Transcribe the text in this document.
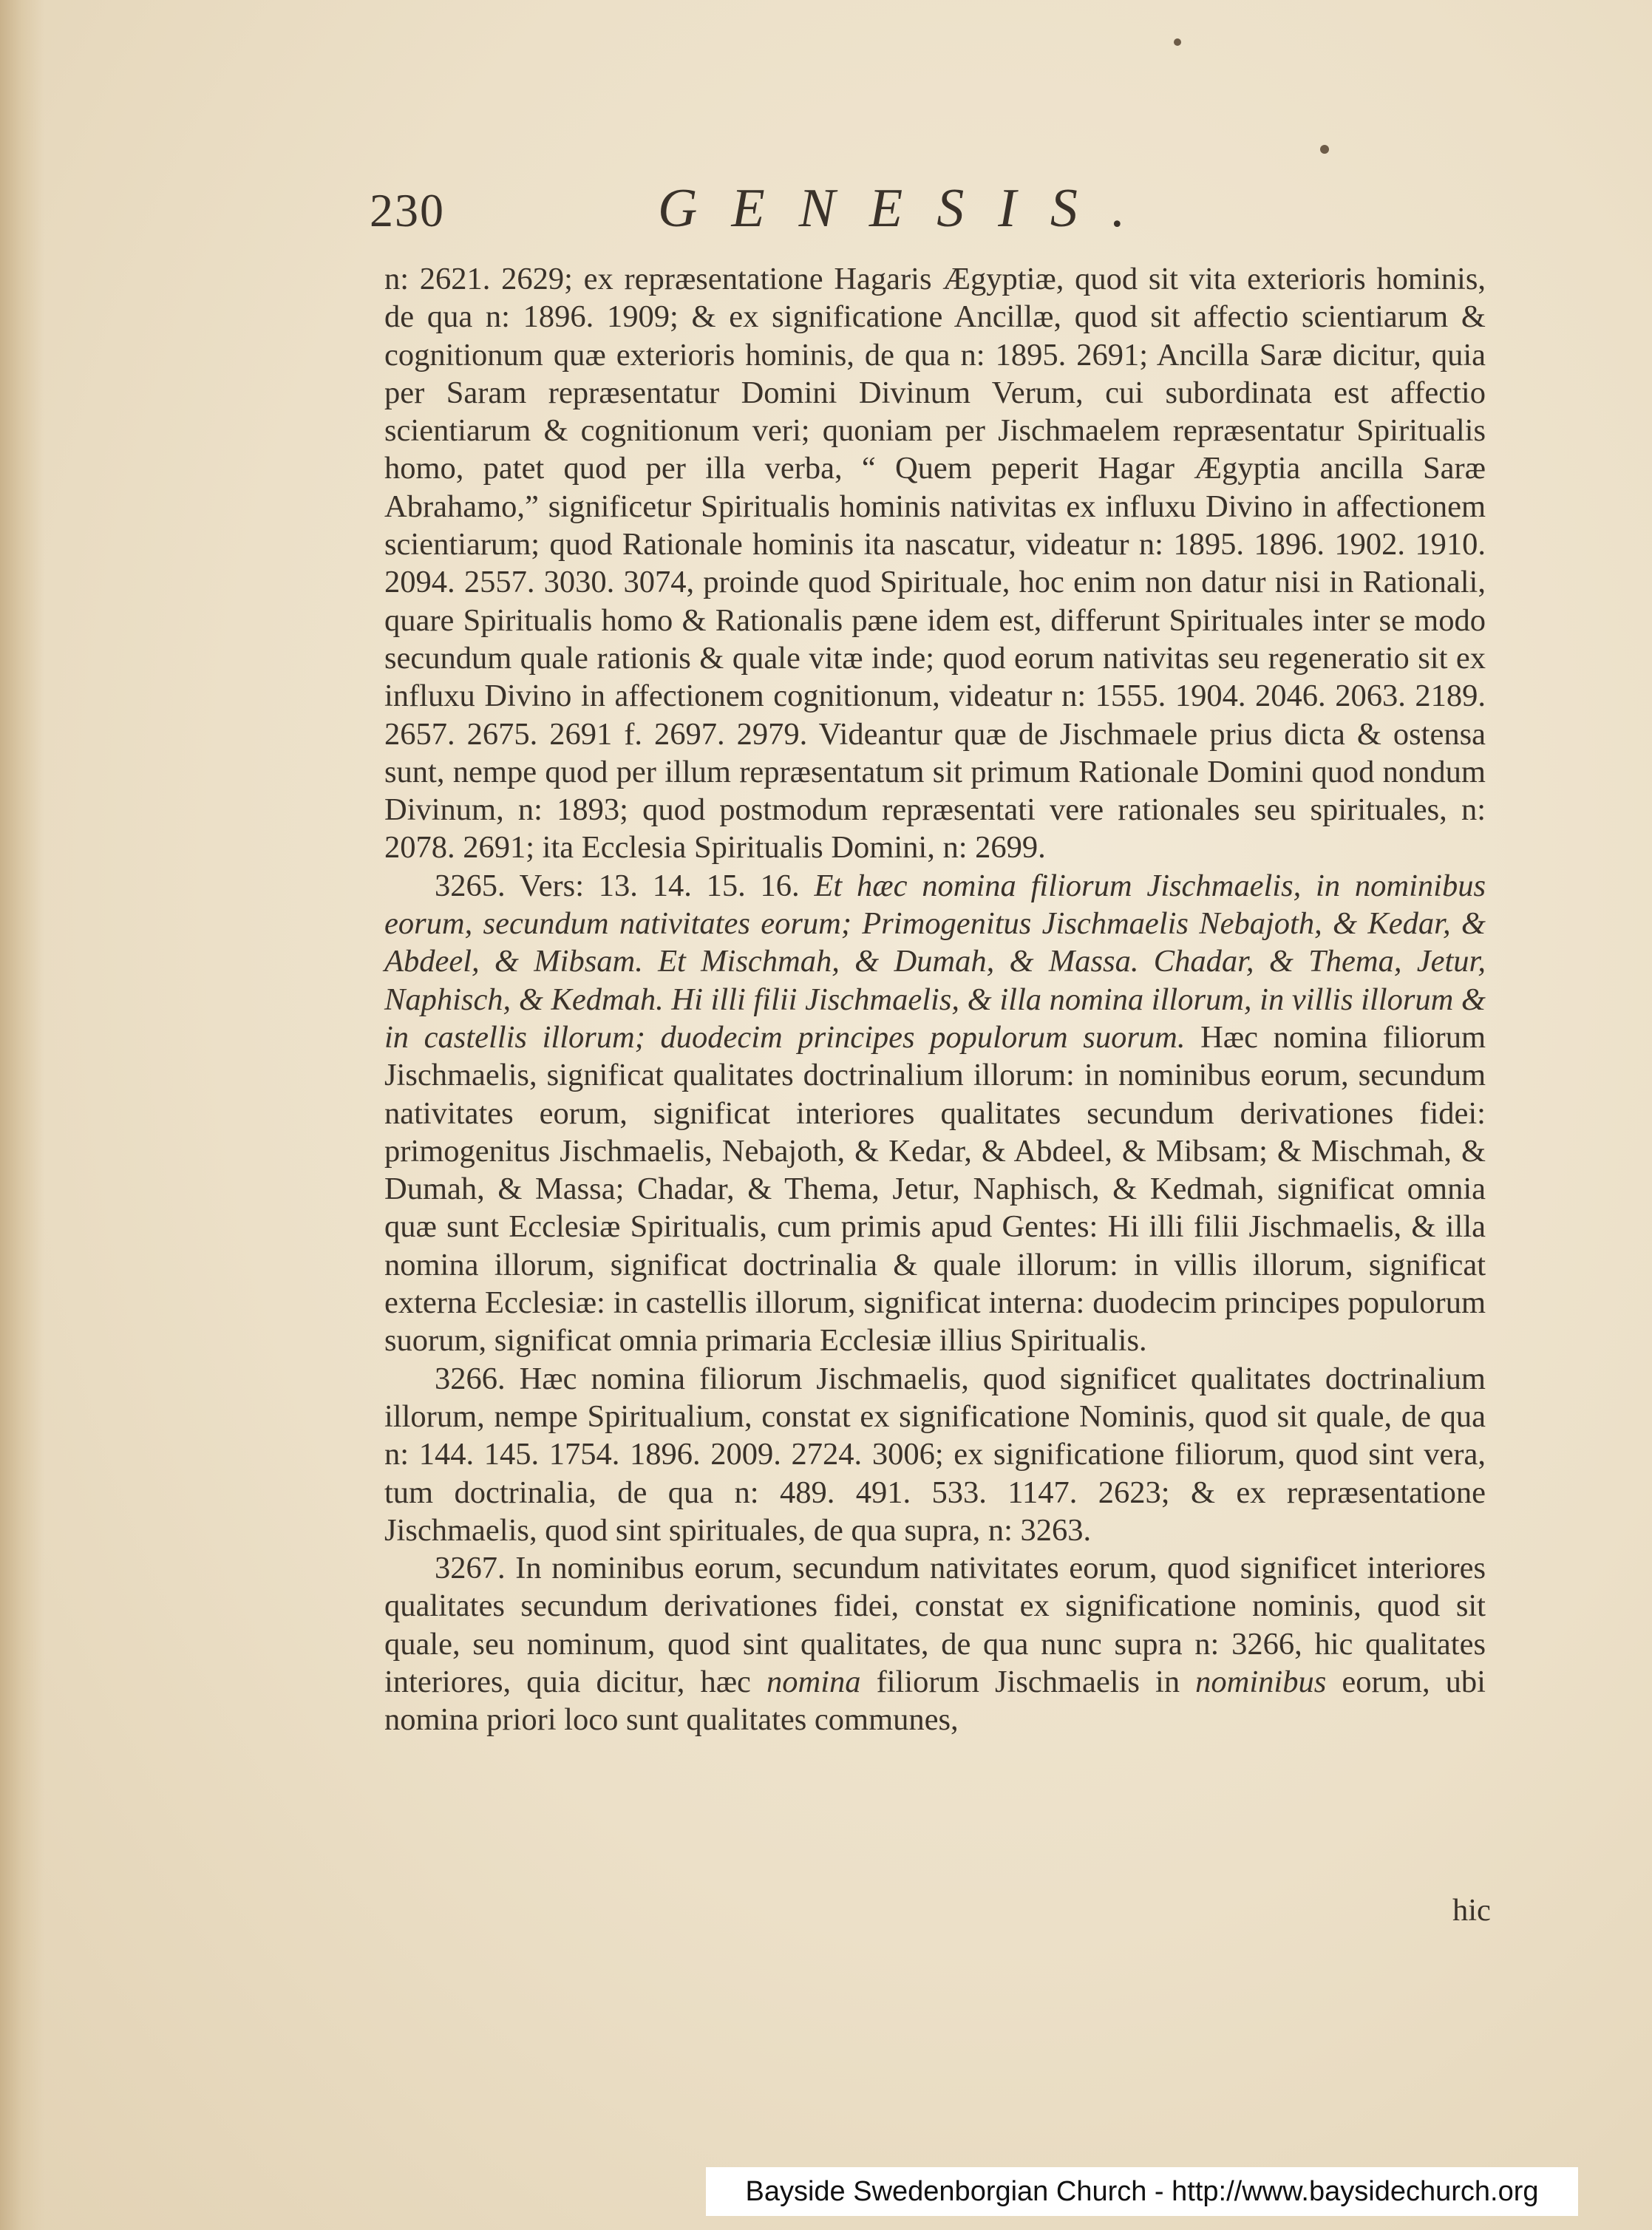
230	GENESIS.

n: 2621. 2629; ex repræsentatione Hagaris Ægyptiæ, quod sit vita exterioris hominis, de qua n: 1896. 1909; & ex significatione Ancillæ, quod sit affectio scientiarum & cognitionum quæ exterioris hominis, de qua n: 1895. 2691; Ancilla Saræ dicitur, quia per Saram repræsentatur Domini Divinum Verum, cui subordinata est affectio scientiarum & cognitionum veri; quoniam per Jischmaelem repræsentatur Spiritualis homo, patet quod per illa verba, “ Quem peperit Hagar Ægyptia ancilla Saræ Abrahamo,” significetur Spiritualis hominis nativitas ex influxu Divino in affectionem scientiarum; quod Rationale hominis ita nascatur, videatur n: 1895. 1896. 1902. 1910. 2094. 2557. 3030. 3074, proinde quod Spirituale, hoc enim non datur nisi in Rationali, quare Spiritualis homo & Rationalis pæne idem est, differunt Spirituales inter se modo secundum quale rationis & quale vitæ inde; quod eorum nativitas seu regeneratio sit ex influxu Divino in affectionem cognitionum, videatur n: 1555. 1904. 2046. 2063. 2189. 2657. 2675. 2691 f. 2697. 2979. Videantur quæ de Jischmaele prius dicta & ostensa sunt, nempe quod per illum repræsentatum sit primum Rationale Domini quod nondum Divinum, n: 1893; quod postmodum repræsentati vere rationales seu spirituales, n: 2078. 2691; ita Ecclesia Spiritualis Domini, n: 2699.

3265. Vers: 13. 14. 15. 16. Et hæc nomina filiorum Jischmaelis, in nominibus eorum, secundum nativitates eorum; Primogenitus Jischmaelis Nebajoth, & Kedar, & Abdeel, & Mibsam. Et Mischmah, & Dumah, & Massa. Chadar, & Thema, Jetur, Naphisch, & Kedmah. Hi illi filii Jischmaelis, & illa nomina illorum, in villis illorum & in castellis illorum; duodecim principes populorum suorum. Hæc nomina filiorum Jischmaelis, significat qualitates doctrinalium illorum: in nominibus eorum, secundum nativitates eorum, significat interiores qualitates secundum derivationes fidei: primogenitus Jischmaelis, Nebajoth, & Kedar, & Abdeel, & Mibsam; & Mischmah, & Dumah, & Massa; Chadar, & Thema, Jetur, Naphisch, & Kedmah, significat omnia quæ sunt Ecclesiæ Spiritualis, cum primis apud Gentes: Hi illi filii Jischmaelis, & illa nomina illorum, significat doctrinalia & quale illorum: in villis illorum, significat externa Ecclesiæ: in castellis illorum, significat interna: duodecim principes populorum suorum, significat omnia primaria Ecclesiæ illius Spiritualis.

3266. Hæc nomina filiorum Jischmaelis, quod significet qualitates doctrinalium illorum, nempe Spiritualium, constat ex significatione Nominis, quod sit quale, de qua n: 144. 145. 1754. 1896. 2009. 2724. 3006; ex significatione filiorum, quod sint vera, tum doctrinalia, de qua n: 489. 491. 533. 1147. 2623; & ex repræsentatione Jischmaelis, quod sint spirituales, de qua supra, n: 3263.

3267. In nominibus eorum, secundum nativitates eorum, quod significet interiores qualitates secundum derivationes fidei, constat ex significatione nominis, quod sit quale, seu nominum, quod sint qualitates, de qua nunc supra n: 3266, hic qualitates interiores, quia dicitur, hæc nomina filiorum Jischmaelis in nominibus eorum, ubi nomina priori loco sunt qualitates communes,

hic
Bayside Swedenborgian Church - http://www.baysidechurch.org
